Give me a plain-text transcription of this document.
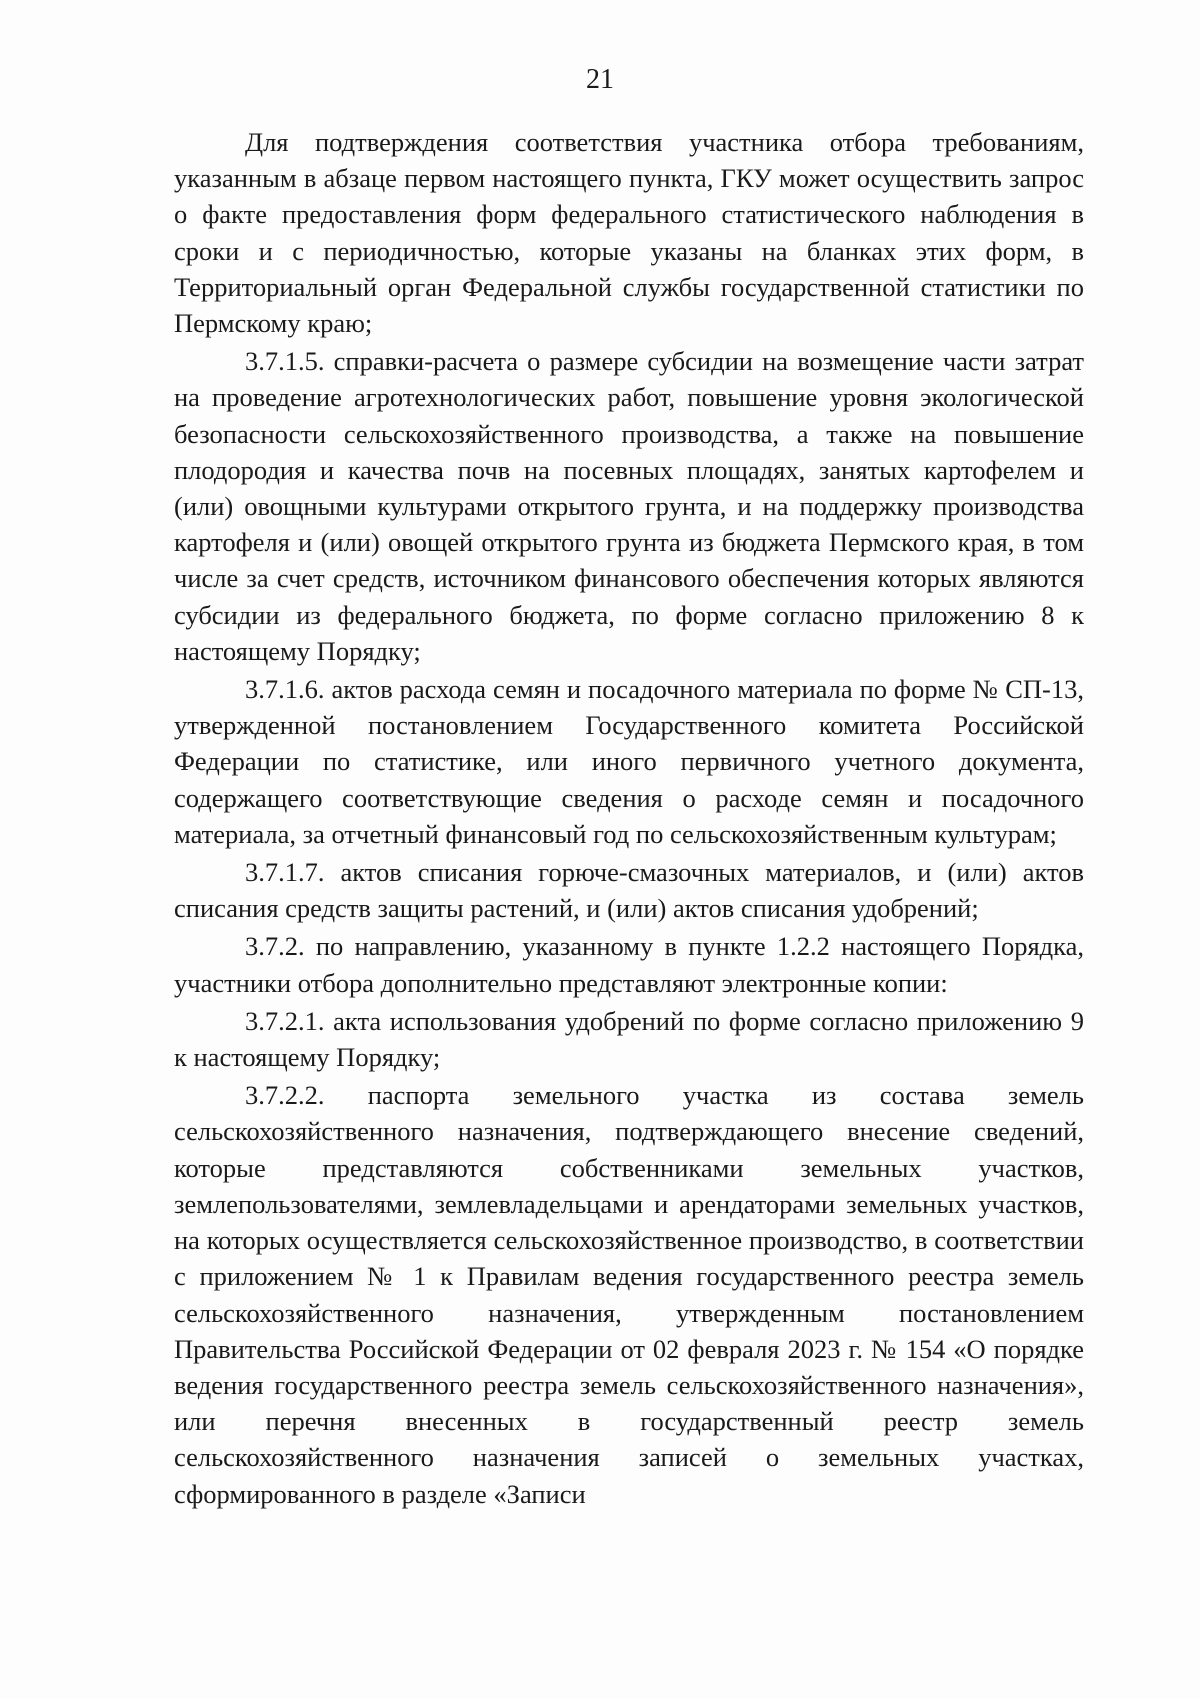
21

Для подтверждения соответствия участника отбора требованиям, указанным в абзаце первом настоящего пункта, ГКУ может осуществить запрос о факте предоставления форм федерального статистического наблюдения в сроки и с периодичностью, которые указаны на бланках этих форм, в Территориальный орган Федеральной службы государственной статистики по Пермскому краю;

3.7.1.5. справки-расчета о размере субсидии на возмещение части затрат на проведение агротехнологических работ, повышение уровня экологической безопасности сельскохозяйственного производства, а также на повышение плодородия и качества почв на посевных площадях, занятых картофелем и (или) овощными культурами открытого грунта, и на поддержку производства картофеля и (или) овощей открытого грунта из бюджета Пермского края, в том числе за счет средств, источником финансового обеспечения которых являются субсидии из федерального бюджета, по форме согласно приложению 8 к настоящему Порядку;

3.7.1.6. актов расхода семян и посадочного материала по форме № СП-13, утвержденной постановлением Государственного комитета Российской Федерации по статистике, или иного первичного учетного документа, содержащего соответствующие сведения о расходе семян и посадочного материала, за отчетный финансовый год по сельскохозяйственным культурам;

3.7.1.7. актов списания горюче-смазочных материалов, и (или) актов списания средств защиты растений, и (или) актов списания удобрений;

3.7.2. по направлению, указанному в пункте 1.2.2 настоящего Порядка, участники отбора дополнительно представляют электронные копии:

3.7.2.1. акта использования удобрений по форме согласно приложению 9 к настоящему Порядку;

3.7.2.2. паспорта земельного участка из состава земель сельскохозяйственного назначения, подтверждающего внесение сведений, которые представляются собственниками земельных участков, землепользователями, землевладельцами и арендаторами земельных участков, на которых осуществляется сельскохозяйственное производство, в соответствии с приложением № 1 к Правилам ведения государственного реестра земель сельскохозяйственного назначения, утвержденным постановлением Правительства Российской Федерации от 02 февраля 2023 г. № 154 «О порядке ведения государственного реестра земель сельскохозяйственного назначения», или перечня внесенных в государственный реестр земель сельскохозяйственного назначения записей о земельных участках, сформированного в разделе «Записи
